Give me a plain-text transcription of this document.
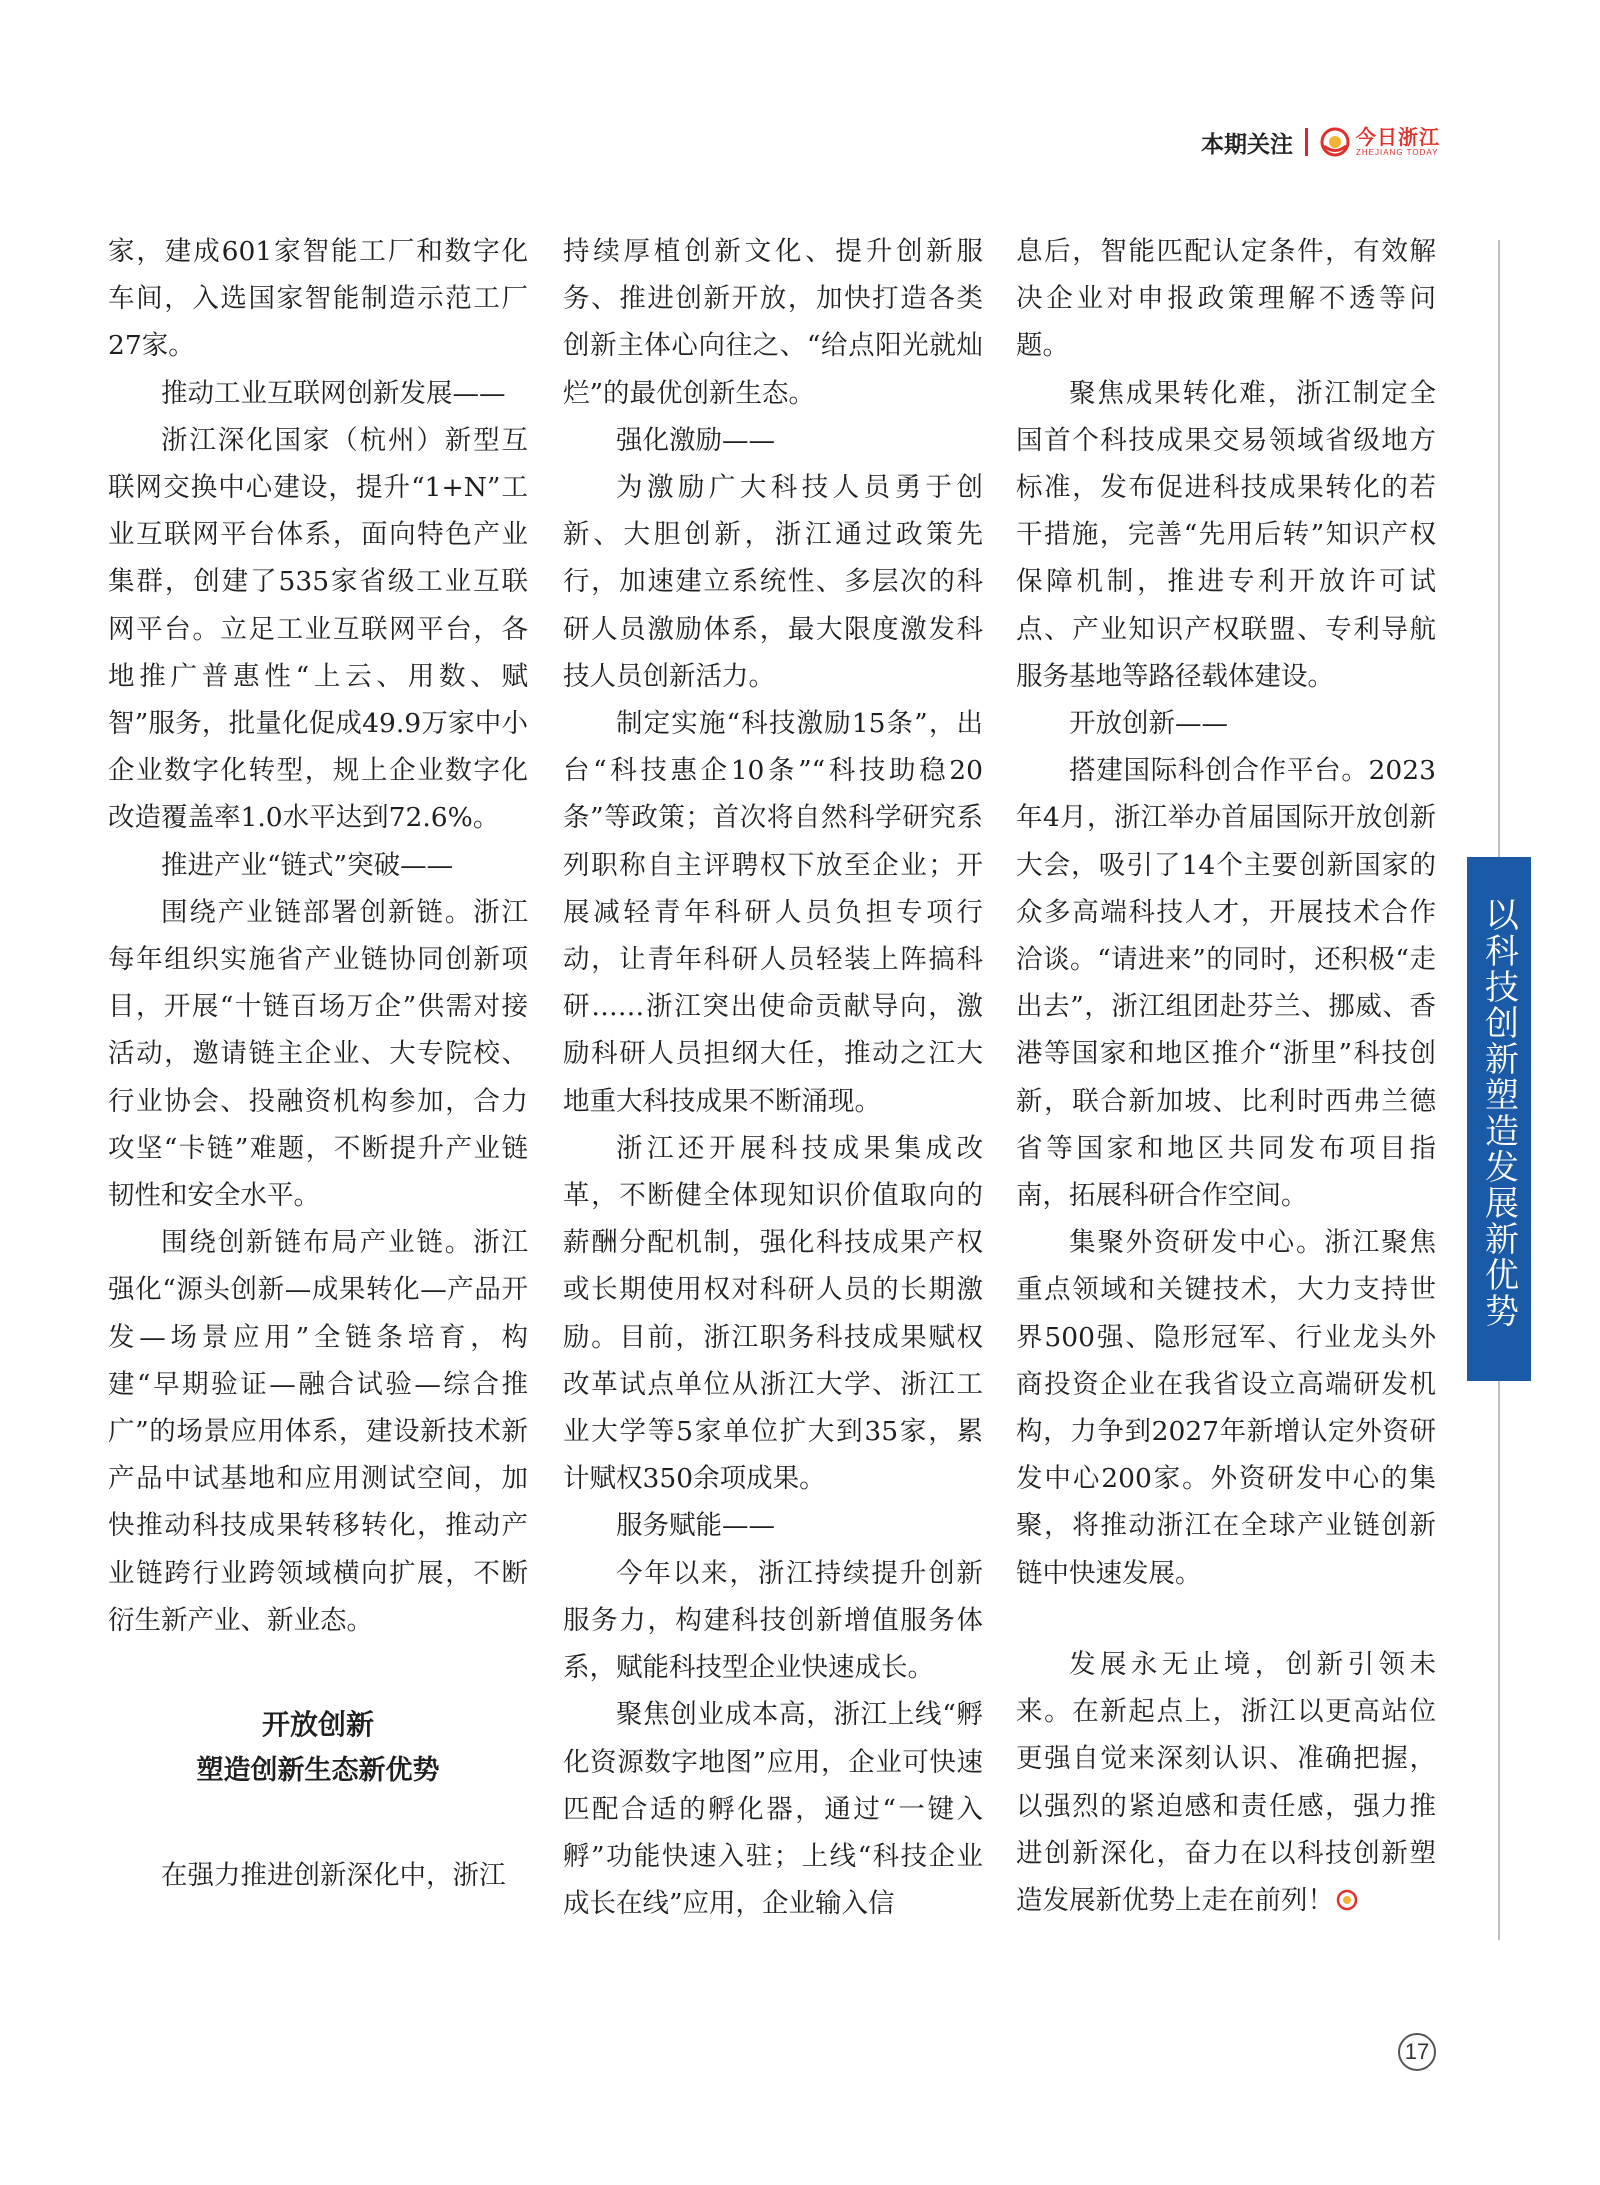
本期关注	今日浙江
ZHEJIANG TODAY

家，建成601家智能工厂和数字化车间，入选国家智能制造示范工厂27家。

推动工业互联网创新发展——

浙江深化国家（杭州）新型互联网交换中心建设，提升“1+N”工业互联网平台体系，面向特色产业集群，创建了535家省级工业互联网平台。立足工业互联网平台，各地推广普惠性“上云、用数、赋智”服务，批量化促成49.9万家中小企业数字化转型，规上企业数字化改造覆盖率1.0水平达到72.6%。

推进产业“链式”突破——

围绕产业链部署创新链。浙江每年组织实施省产业链协同创新项目，开展“十链百场万企”供需对接活动，邀请链主企业、大专院校、行业协会、投融资机构参加，合力攻坚“卡链”难题，不断提升产业链韧性和安全水平。

围绕创新链布局产业链。浙江强化“源头创新—成果转化—产品开发—场景应用”全链条培育，构建“早期验证—融合试验—综合推广”的场景应用体系，建设新技术新产品中试基地和应用测试空间，加快推动科技成果转移转化，推动产业链跨行业跨领域横向扩展，不断衍生新产业、新业态。

开放创新
塑造创新生态新优势

在强力推进创新深化中，浙江

持续厚植创新文化、提升创新服务、推进创新开放，加快打造各类创新主体心向往之、“给点阳光就灿烂”的最优创新生态。

强化激励——

为激励广大科技人员勇于创新、大胆创新，浙江通过政策先行，加速建立系统性、多层次的科研人员激励体系，最大限度激发科技人员创新活力。

制定实施“科技激励15条”，出台“科技惠企10条”“科技助稳20条”等政策；首次将自然科学研究系列职称自主评聘权下放至企业；开展减轻青年科研人员负担专项行动，让青年科研人员轻装上阵搞科研……浙江突出使命贡献导向，激励科研人员担纲大任，推动之江大地重大科技成果不断涌现。

浙江还开展科技成果集成改革，不断健全体现知识价值取向的薪酬分配机制，强化科技成果产权或长期使用权对科研人员的长期激励。目前，浙江职务科技成果赋权改革试点单位从浙江大学、浙江工业大学等5家单位扩大到35家，累计赋权350余项成果。

服务赋能——

今年以来，浙江持续提升创新服务力，构建科技创新增值服务体系，赋能科技型企业快速成长。

聚焦创业成本高，浙江上线“孵化资源数字地图”应用，企业可快速匹配合适的孵化器，通过“一键入孵”功能快速入驻；上线“科技企业成长在线”应用，企业输入信

息后，智能匹配认定条件，有效解决企业对申报政策理解不透等问题。

聚焦成果转化难，浙江制定全国首个科技成果交易领域省级地方标准，发布促进科技成果转化的若干措施，完善“先用后转”知识产权保障机制，推进专利开放许可试点、产业知识产权联盟、专利导航服务基地等路径载体建设。

开放创新——

搭建国际科创合作平台。2023年4月，浙江举办首届国际开放创新大会，吸引了14个主要创新国家的众多高端科技人才，开展技术合作洽谈。“请进来”的同时，还积极“走出去”，浙江组团赴芬兰、挪威、香港等国家和地区推介“浙里”科技创新，联合新加坡、比利时西弗兰德省等国家和地区共同发布项目指南，拓展科研合作空间。

集聚外资研发中心。浙江聚焦重点领域和关键技术，大力支持世界500强、隐形冠军、行业龙头外商投资企业在我省设立高端研发机构，力争到2027年新增认定外资研发中心200家。外资研发中心的集聚，将推动浙江在全球产业链创新链中快速发展。

发展永无止境，创新引领未来。在新起点上，浙江以更高站位更强自觉来深刻认识、准确把握，以强烈的紧迫感和责任感，强力推进创新深化，奋力在以科技创新塑造发展新优势上走在前列！

以科技创新塑造发展新优势
17
